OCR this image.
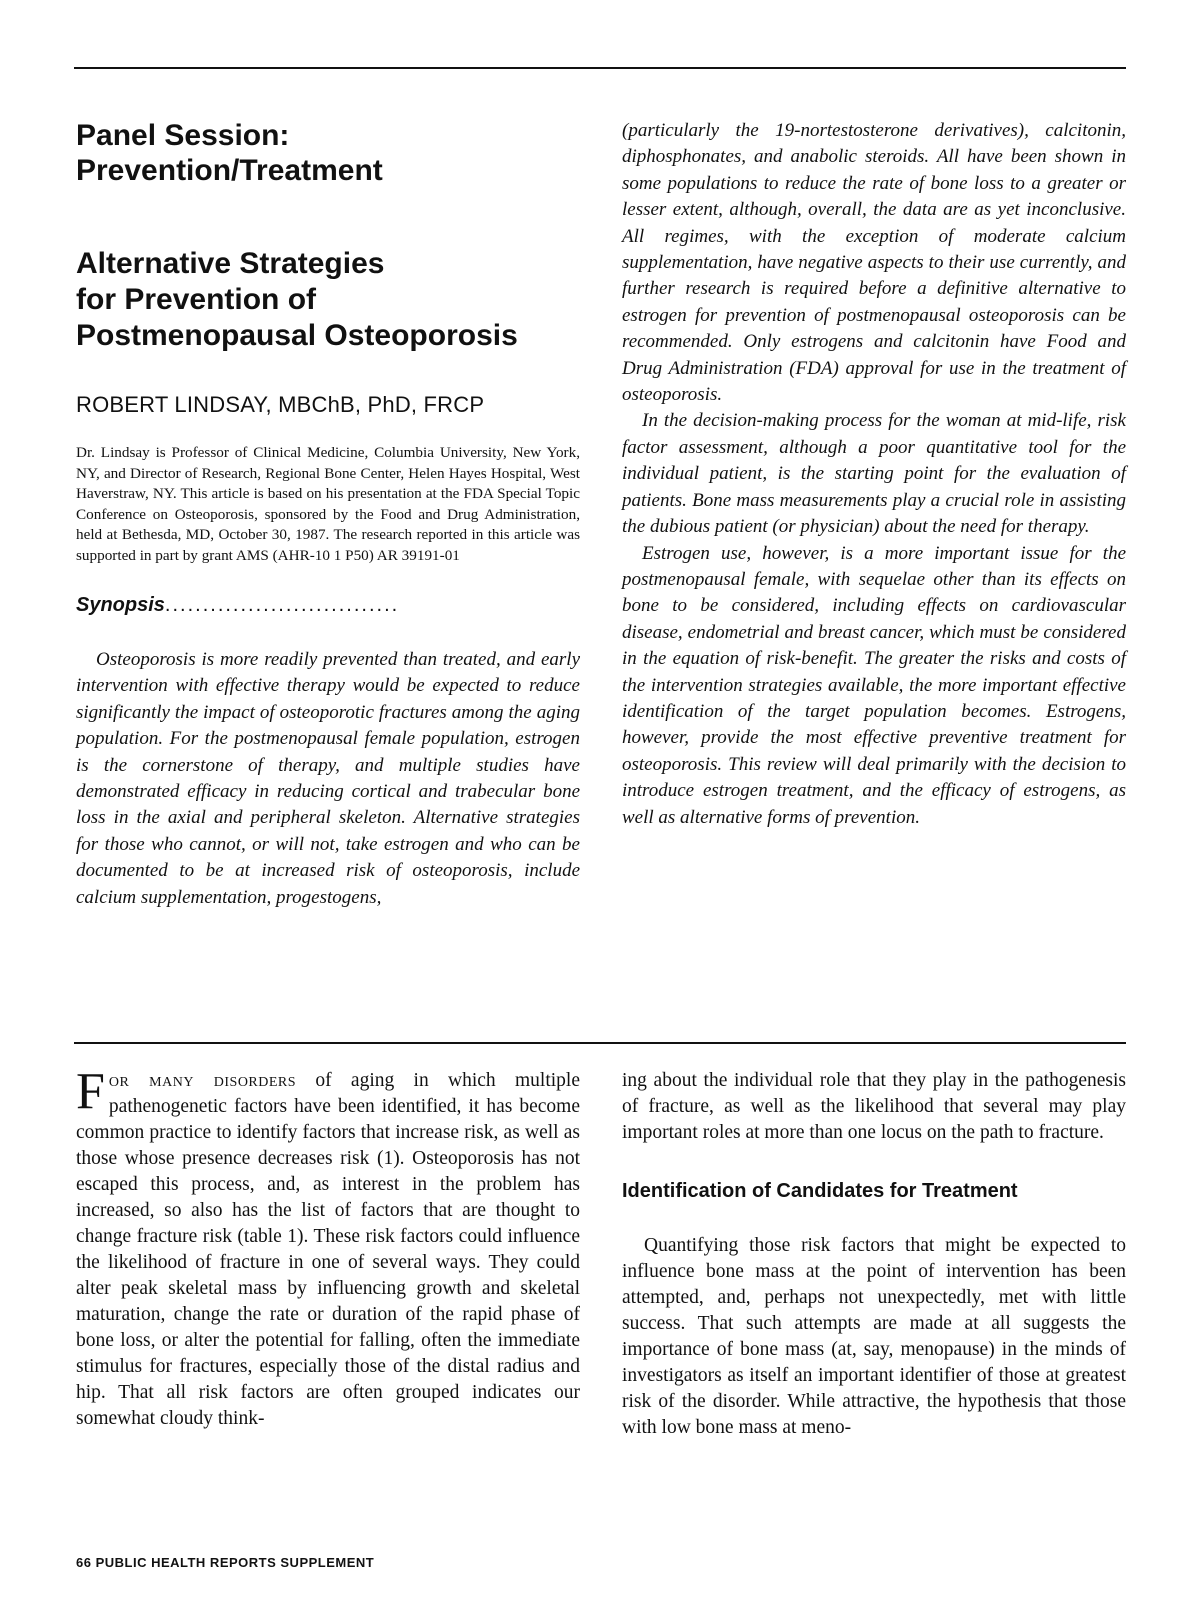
Panel Session:
Prevention/Treatment
Alternative Strategies
for Prevention of
Postmenopausal Osteoporosis

ROBERT LINDSAY, MBChB, PhD, FRCP

Dr. Lindsay is Professor of Clinical Medicine, Columbia University, New York, NY, and Director of Research, Regional Bone Center, Helen Hayes Hospital, West Haverstraw, NY. This article is based on his presentation at the FDA Special Topic Conference on Osteoporosis, sponsored by the Food and Drug Administration, held at Bethesda, MD, October 30, 1987. The research reported in this article was supported in part by grant AMS (AHR-10 1 P50) AR 39191-01

Synopsis...............................

Osteoporosis is more readily prevented than treated, and early intervention with effective therapy would be expected to reduce significantly the impact of osteoporotic fractures among the aging population. For the postmenopausal female population, estrogen is the cornerstone of therapy, and multiple studies have demonstrated efficacy in reducing cortical and trabecular bone loss in the axial and peripheral skeleton. Alternative strategies for those who cannot, or will not, take estrogen and who can be documented to be at increased risk of osteoporosis, include calcium supplementation, progestogens,

(particularly the 19-nortestosterone derivatives), calcitonin, diphosphonates, and anabolic steroids. All have been shown in some populations to reduce the rate of bone loss to a greater or lesser extent, although, overall, the data are as yet inconclusive. All regimes, with the exception of moderate calcium supplementation, have negative aspects to their use currently, and further research is required before a definitive alternative to estrogen for prevention of postmenopausal osteoporosis can be recommended. Only estrogens and calcitonin have Food and Drug Administration (FDA) approval for use in the treatment of osteoporosis.

In the decision-making process for the woman at mid-life, risk factor assessment, although a poor quantitative tool for the individual patient, is the starting point for the evaluation of patients. Bone mass measurements play a crucial role in assisting the dubious patient (or physician) about the need for therapy.

Estrogen use, however, is a more important issue for the postmenopausal female, with sequelae other than its effects on bone to be considered, including effects on cardiovascular disease, endometrial and breast cancer, which must be considered in the equation of risk-benefit. The greater the risks and costs of the intervention strategies available, the more important effective identification of the target population becomes. Estrogens, however, provide the most effective preventive treatment for osteoporosis. This review will deal primarily with the decision to introduce estrogen treatment, and the efficacy of estrogens, as well as alternative forms of prevention.

For many disorders of aging in which multiple pathenogenetic factors have been identified, it has become common practice to identify factors that increase risk, as well as those whose presence decreases risk (1). Osteoporosis has not escaped this process, and, as interest in the problem has increased, so also has the list of factors that are thought to change fracture risk (table 1). These risk factors could influence the likelihood of fracture in one of several ways. They could alter peak skeletal mass by influencing growth and skeletal maturation, change the rate or duration of the rapid phase of bone loss, or alter the potential for falling, often the immediate stimulus for fractures, especially those of the distal radius and hip. That all risk factors are often grouped indicates our somewhat cloudy think-

ing about the individual role that they play in the pathogenesis of fracture, as well as the likelihood that several may play important roles at more than one locus on the path to fracture.

Identification of Candidates for Treatment

Quantifying those risk factors that might be expected to influence bone mass at the point of intervention has been attempted, and, perhaps not unexpectedly, met with little success. That such attempts are made at all suggests the importance of bone mass (at, say, menopause) in the minds of investigators as itself an important identifier of those at greatest risk of the disorder. While attractive, the hypothesis that those with low bone mass at meno-

66 PUBLIC HEALTH REPORTS SUPPLEMENT
